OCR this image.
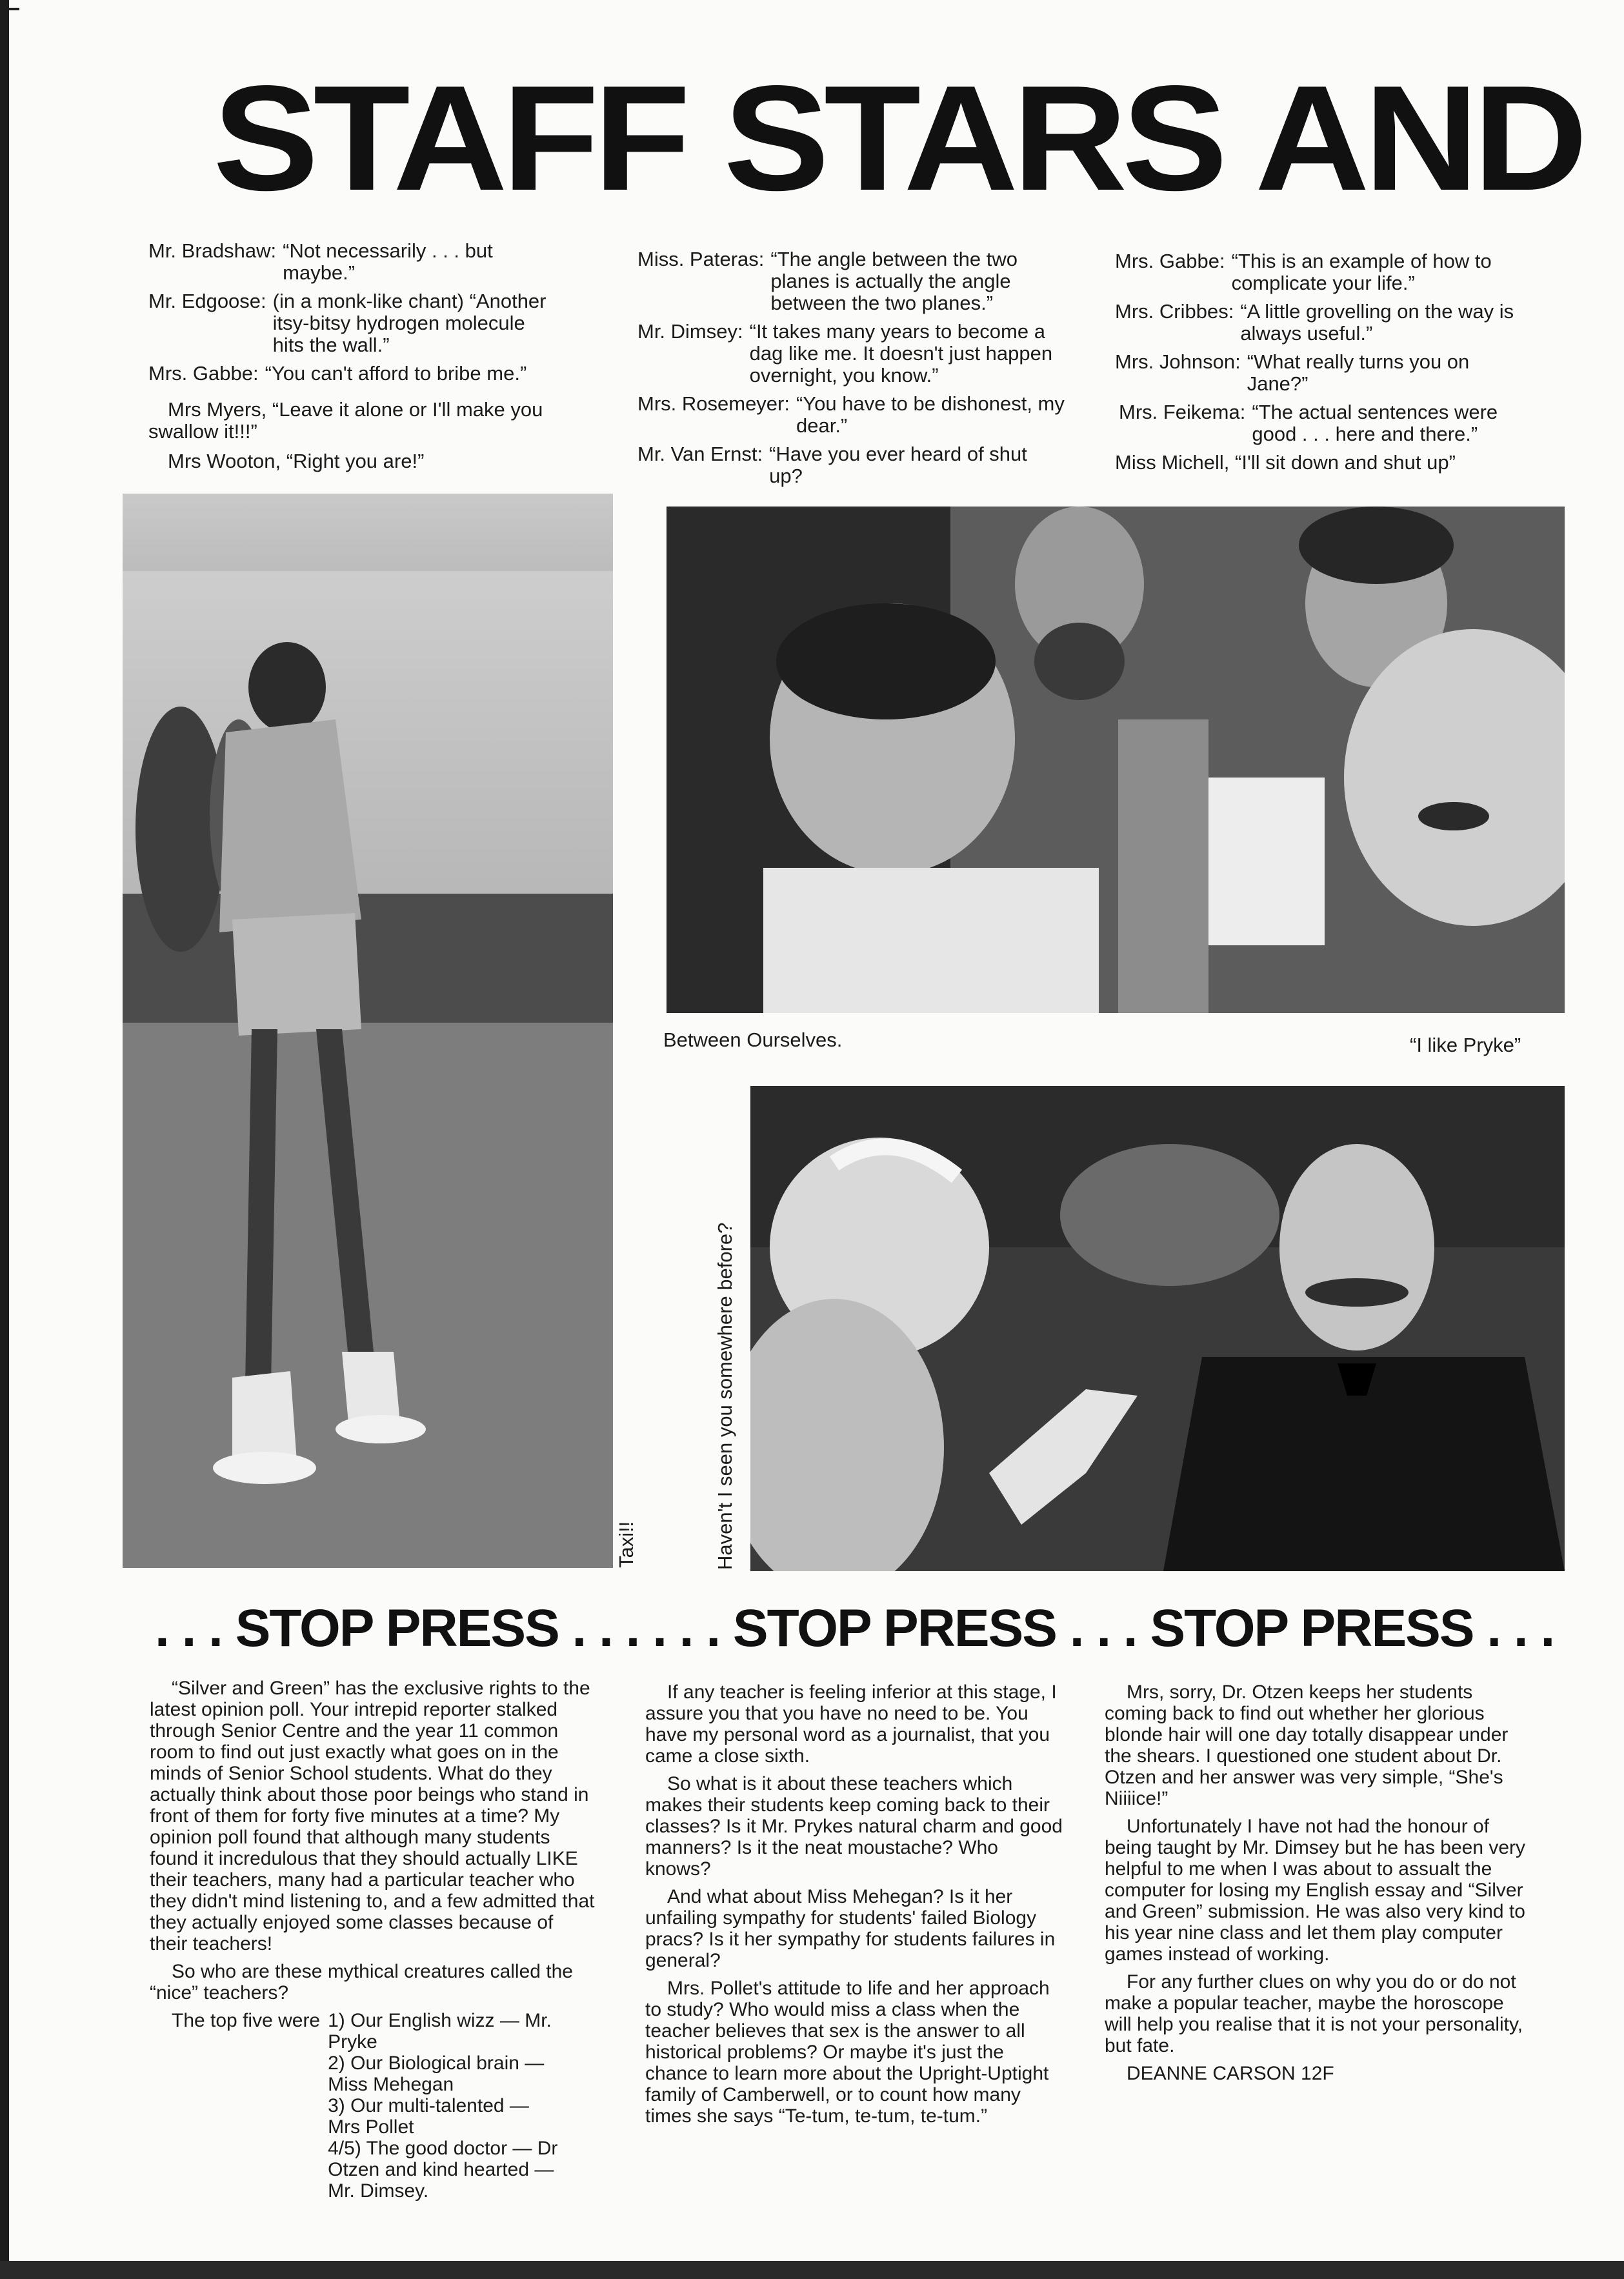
STAFF STARS AND
Mr. Bradshaw: “Not necessarily . . . but maybe.”
Mr. Edgoose: (in a monk-like chant) “Another itsy-bitsy hydrogen molecule hits the wall.”
Mrs. Gabbe: “You can't afford to bribe me.”
Mrs Myers, “Leave it alone or I'll make you swallow it!!!”
Mrs Wooton, “Right you are!”
Miss. Pateras: “The angle between the two planes is actually the angle between the two planes.”
Mr. Dimsey: “It takes many years to become a dag like me. It doesn't just happen overnight, you know.”
Mrs. Rosemeyer: “You have to be dishonest, my dear.”
Mr. Van Ernst: “Have you ever heard of shut up?
Mrs. Gabbe: “This is an example of how to complicate your life.”
Mrs. Cribbes: “A little grovelling on the way is always useful.”
Mrs. Johnson: “What really turns you on Jane?”
Mrs. Feikema: “The actual sentences were good . . . here and there.”
Miss Michell, “I'll sit down and shut up”
Between Ourselves.	“I like Pryke”
Taxi!!	Haven't I seen you somewhere before?
. . . STOP PRESS . . . . . . STOP PRESS . . . STOP PRESS . . .

“Silver and Green” has the exclusive rights to the latest opinion poll. Your intrepid reporter stalked through Senior Centre and the year 11 common room to find out just exactly what goes on in the minds of Senior School students. What do they actually think about those poor beings who stand in front of them for forty five minutes at a time? My opinion poll found that although many students found it incredulous that they should actually LIKE their teachers, many had a particular teacher who they didn't mind listening to, and a few admitted that they actually enjoyed some classes because of their teachers!

So who are these mythical creatures called the “nice” teachers?

The top five were 1) Our English wizz — Mr. Pryke
2) Our Biological brain — Miss Mehegan
3) Our multi-talented — Mrs Pollet
4/5) The good doctor — Dr Otzen and kind hearted — Mr. Dimsey.

If any teacher is feeling inferior at this stage, I assure you that you have no need to be. You have my personal word as a journalist, that you came a close sixth.

So what is it about these teachers which makes their students keep coming back to their classes? Is it Mr. Prykes natural charm and good manners? Is it the neat moustache? Who knows?

And what about Miss Mehegan? Is it her unfailing sympathy for students' failed Biology pracs? Is it her sympathy for students failures in general?

Mrs. Pollet's attitude to life and her approach to study? Who would miss a class when the teacher believes that sex is the answer to all historical problems? Or maybe it's just the chance to learn more about the Upright-Uptight family of Camberwell, or to count how many times she says “Te-tum, te-tum, te-tum.”

Mrs, sorry, Dr. Otzen keeps her students coming back to find out whether her glorious blonde hair will one day totally disappear under the shears. I questioned one student about Dr. Otzen and her answer was very simple, “She's Niiiice!”

Unfortunately I have not had the honour of being taught by Mr. Dimsey but he has been very helpful to me when I was about to assualt the computer for losing my English essay and “Silver and Green” submission. He was also very kind to his year nine class and let them play computer games instead of working.

For any further clues on why you do or do not make a popular teacher, maybe the horoscope will help you realise that it is not your personality, but fate.

DEANNE CARSON 12F
